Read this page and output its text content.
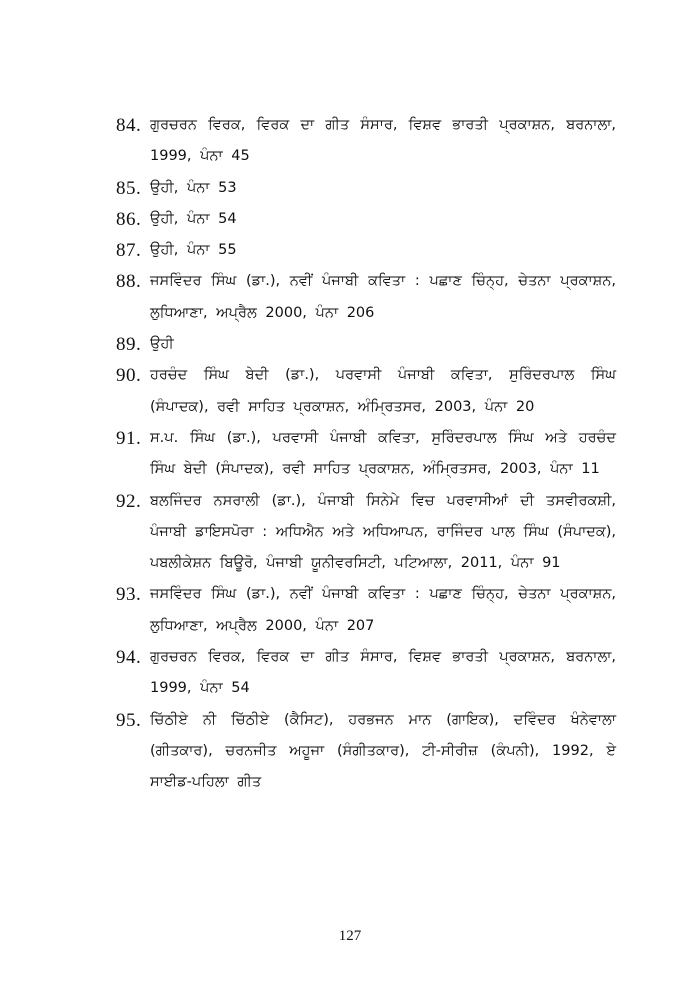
84. ਗੁਰਚਰਨ ਵਿਰਕ, ਵਿਰਕ ਦਾ ਗੀਤ ਸੰਸਾਰ, ਵਿਸ਼ਵ ਭਾਰਤੀ ਪ੍ਰਕਾਸ਼ਨ, ਬਰਨਾਲਾ, 1999, ਪੰਨਾ 45
85. ਉਹੀ, ਪੰਨਾ 53
86. ਉਹੀ, ਪੰਨਾ 54
87. ਉਹੀ, ਪੰਨਾ 55
88. ਜਸਵਿੰਦਰ ਸਿੰਘ (ਡਾ.), ਨਵੀਂ ਪੰਜਾਬੀ ਕਵਿਤਾ : ਪਛਾਣ ਚਿੰਨ੍ਹ, ਚੇਤਨਾ ਪ੍ਰਕਾਸ਼ਨ, ਲੁਧਿਆਣਾ, ਅਪ੍ਰੈਲ 2000, ਪੰਨਾ 206
89. ਉਹੀ
90. ਹਰਚੰਦ ਸਿੰਘ ਬੇਦੀ (ਡਾ.), ਪਰਵਾਸੀ ਪੰਜਾਬੀ ਕਵਿਤਾ, ਸੁਰਿੰਦਰਪਾਲ ਸਿੰਘ (ਸੰਪਾਦਕ), ਰਵੀ ਸਾਹਿਤ ਪ੍ਰਕਾਸ਼ਨ, ਅੰਮ੍ਰਿਤਸਰ, 2003, ਪੰਨਾ 20
91. ਸ.ਪ. ਸਿੰਘ (ਡਾ.), ਪਰਵਾਸੀ ਪੰਜਾਬੀ ਕਵਿਤਾ, ਸੁਰਿੰਦਰਪਾਲ ਸਿੰਘ ਅਤੇ ਹਰਚੰਦ ਸਿੰਘ ਬੇਦੀ (ਸੰਪਾਦਕ), ਰਵੀ ਸਾਹਿਤ ਪ੍ਰਕਾਸ਼ਨ, ਅੰਮ੍ਰਿਤਸਰ, 2003, ਪੰਨਾ 11
92. ਬਲਜਿੰਦਰ ਨਸਰਾਲੀ (ਡਾ.), ਪੰਜਾਬੀ ਸਿਨੇਮੇ ਵਿਚ ਪਰਵਾਸੀਆਂ ਦੀ ਤਸਵੀਰਕਸ਼ੀ, ਪੰਜਾਬੀ ਡਾਇਸਪੋਰਾ : ਅਧਿਐਨ ਅਤੇ ਅਧਿਆਪਨ, ਰਾਜਿੰਦਰ ਪਾਲ ਸਿੰਘ (ਸੰਪਾਦਕ), ਪਬਲੀਕੇਸ਼ਨ ਬਿਊਰੋ, ਪੰਜਾਬੀ ਯੂਨੀਵਰਸਿਟੀ, ਪਟਿਆਲਾ, 2011, ਪੰਨਾ 91
93. ਜਸਵਿੰਦਰ ਸਿੰਘ (ਡਾ.), ਨਵੀਂ ਪੰਜਾਬੀ ਕਵਿਤਾ : ਪਛਾਣ ਚਿੰਨ੍ਹ, ਚੇਤਨਾ ਪ੍ਰਕਾਸ਼ਨ, ਲੁਧਿਆਣਾ, ਅਪ੍ਰੈਲ 2000, ਪੰਨਾ 207
94. ਗੁਰਚਰਨ ਵਿਰਕ, ਵਿਰਕ ਦਾ ਗੀਤ ਸੰਸਾਰ, ਵਿਸ਼ਵ ਭਾਰਤੀ ਪ੍ਰਕਾਸ਼ਨ, ਬਰਨਾਲਾ, 1999, ਪੰਨਾ 54
95. ਚਿੱਠੀਏ ਨੀ ਚਿੱਠੀਏ (ਕੈਸਿਟ), ਹਰਭਜਨ ਮਾਨ (ਗਾਇਕ), ਦਵਿੰਦਰ ਖੰਨੇਵਾਲਾ (ਗੀਤਕਾਰ), ਚਰਨਜੀਤ ਅਹੂਜਾ (ਸੰਗੀਤਕਾਰ), ਟੀ-ਸੀਰੀਜ਼ (ਕੰਪਨੀ), 1992, ਏ ਸਾਈਡ-ਪਹਿਲਾ ਗੀਤ
127
